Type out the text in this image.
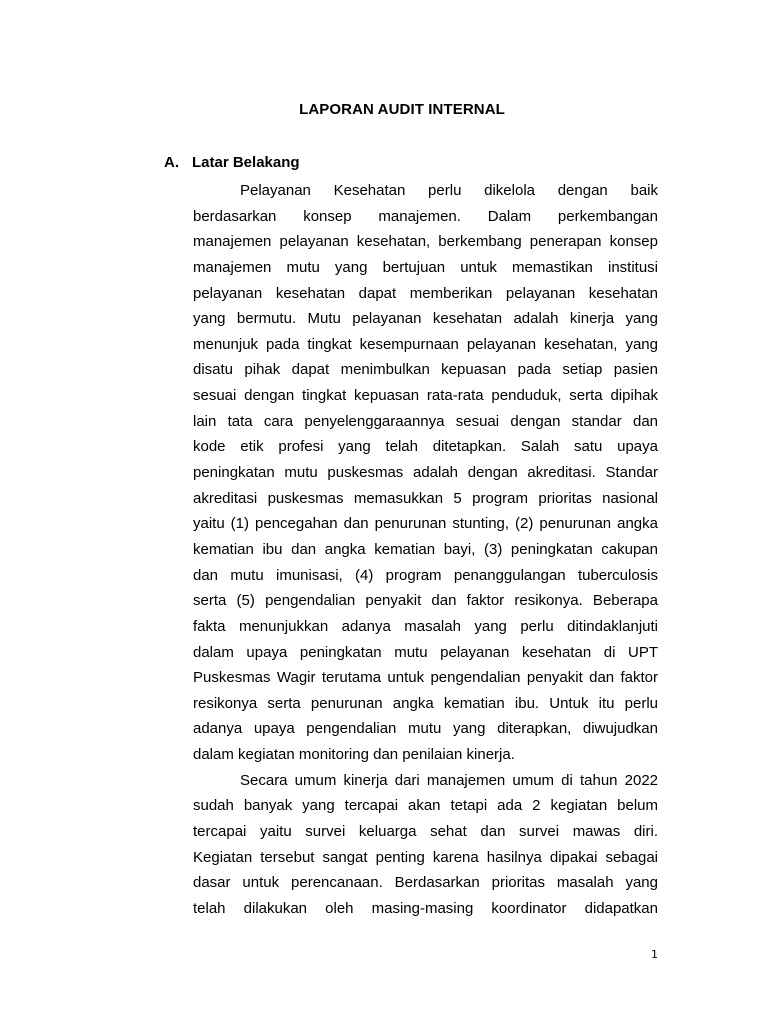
LAPORAN AUDIT INTERNAL
A. Latar Belakang
Pelayanan Kesehatan perlu dikelola dengan baik
berdasarkan konsep manajemen. Dalam perkembangan
manajemen pelayanan kesehatan, berkembang penerapan konsep
manajemen mutu yang bertujuan untuk memastikan institusi
pelayanan kesehatan dapat memberikan pelayanan kesehatan
yang bermutu. Mutu pelayanan kesehatan adalah kinerja yang
menunjuk pada tingkat kesempurnaan pelayanan kesehatan, yang
disatu pihak dapat menimbulkan kepuasan pada setiap pasien
sesuai dengan tingkat kepuasan rata-rata penduduk, serta dipihak
lain tata cara penyelenggaraannya sesuai dengan standar dan
kode etik profesi yang telah ditetapkan. Salah satu upaya
peningkatan mutu puskesmas adalah dengan akreditasi. Standar
akreditasi puskesmas memasukkan 5 program prioritas nasional
yaitu (1) pencegahan dan penurunan stunting, (2) penurunan angka
kematian ibu dan angka kematian bayi, (3) peningkatan cakupan
dan mutu imunisasi, (4) program penanggulangan tuberculosis
serta (5) pengendalian penyakit dan faktor resikonya. Beberapa
fakta menunjukkan adanya masalah yang perlu ditindaklanjuti
dalam upaya peningkatan mutu pelayanan kesehatan di UPT
Puskesmas Wagir terutama untuk pengendalian penyakit dan faktor
resikonya serta penurunan angka kematian ibu. Untuk itu perlu
adanya upaya pengendalian mutu yang diterapkan, diwujudkan
dalam kegiatan monitoring dan penilaian kinerja.
Secara umum kinerja dari manajemen umum di tahun 2022
sudah banyak yang tercapai akan tetapi ada 2 kegiatan belum
tercapai yaitu survei keluarga sehat dan survei mawas diri.
Kegiatan tersebut sangat penting karena hasilnya dipakai sebagai
dasar untuk perencanaan. Berdasarkan prioritas masalah yang
telah dilakukan oleh masing-masing koordinator didapatkan
1
